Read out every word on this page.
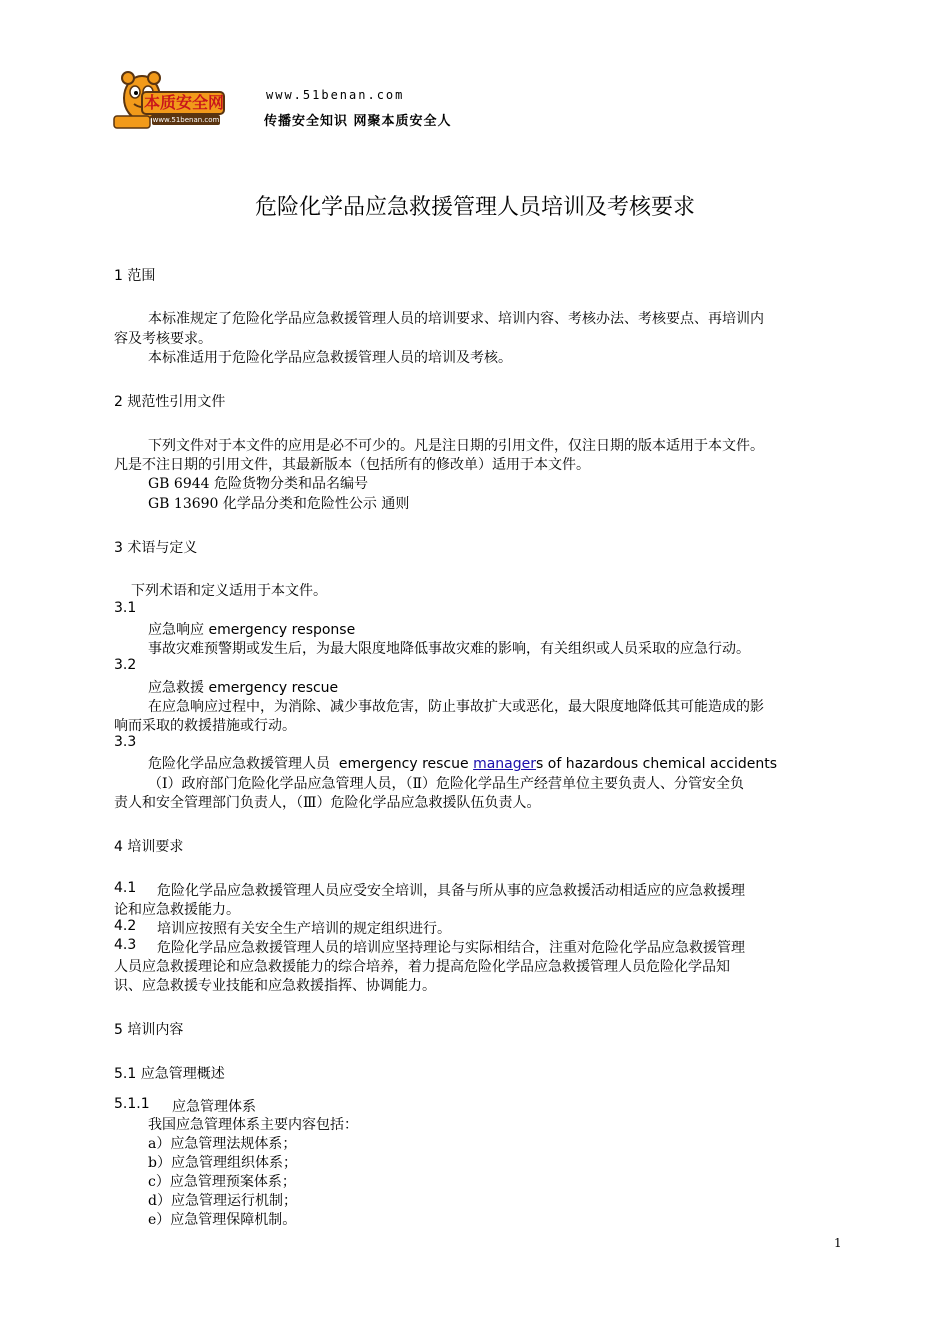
本质安全网
www.51benan.com
www.51benan.com
传播安全知识 网聚本质安全人
危险化学品应急救援管理人员培训及考核要求
1 范围
本标准规定了危险化学品应急救援管理人员的培训要求、培训内容、考核办法、考核要点、再培训内
容及考核要求。
本标准适用于危险化学品应急救援管理人员的培训及考核。
2 规范性引用文件
下列文件对于本文件的应用是必不可少的。凡是注日期的引用文件，仅注日期的版本适用于本文件。
凡是不注日期的引用文件，其最新版本（包括所有的修改单）适用于本文件。
GB 6944 危险货物分类和品名编号
GB 13690 化学品分类和危险性公示 通则
3 术语与定义
下列术语和定义适用于本文件。
3.1
应急响应 emergency response
事故灾难预警期或发生后，为最大限度地降低事故灾难的影响，有关组织或人员采取的应急行动。
3.2
应急救援 emergency rescue
在应急响应过程中，为消除、减少事故危害，防止事故扩大或恶化，最大限度地降低其可能造成的影
响而采取的救援措施或行动。
3.3
危险化学品应急救援管理人员  emergency rescue managers of hazardous chemical accidents
（Ⅰ）政府部门危险化学品应急管理人员，（Ⅱ）危险化学品生产经营单位主要负责人、分管安全负
责人和安全管理部门负责人，（Ⅲ）危险化学品应急救援队伍负责人。
4 培训要求
4.1 危险化学品应急救援管理人员应受安全培训，具备与所从事的应急救援活动相适应的应急救援理
论和应急救援能力。
4.2 培训应按照有关安全生产培训的规定组织进行。
4.3 危险化学品应急救援管理人员的培训应坚持理论与实际相结合，注重对危险化学品应急救援管理
人员应急救援理论和应急救援能力的综合培养，着力提高危险化学品应急救援管理人员危险化学品知
识、应急救援专业技能和应急救援指挥、协调能力。
5 培训内容
5.1 应急管理概述
5.1.1 应急管理体系
我国应急管理体系主要内容包括：
a）应急管理法规体系；
b）应急管理组织体系；
c）应急管理预案体系；
d）应急管理运行机制；
e）应急管理保障机制。
1
